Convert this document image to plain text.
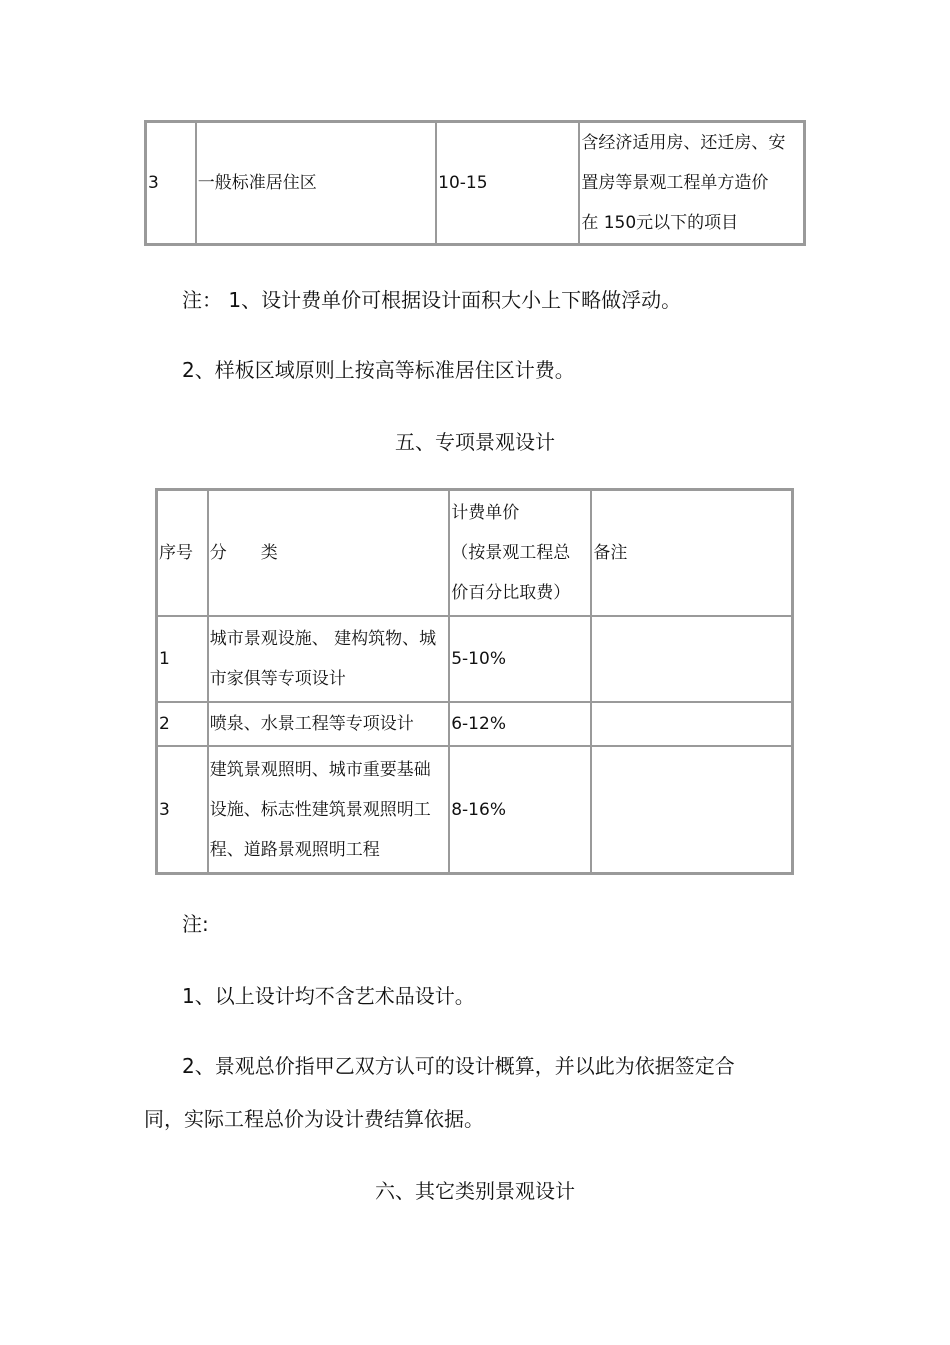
3	一般标准居住区	10-15	
含经济适用房、还迁房、安
置房等景观工程单方造价
在 150元以下的项目
注： 1、设计费单价可根据设计面积大小上下略做浮动。
2、样板区域原则上按高等标准居住区计费。
五、专项景观设计
序号	分　　类	计费单价
（按景观工程总
价百分比取费）	备注
1	城市景观设施、 建构筑物、城
市家俱等专项设计	5-10%	
2	喷泉、水景工程等专项设计	6-12%	
3	建筑景观照明、城市重要基础
设施、标志性建筑景观照明工
程、道路景观照明工程	8-16%	
注:
1、以上设计均不含艺术品设计。
2、景观总价指甲乙双方认可的设计概算，并以此为依据签定合
同，实际工程总价为设计费结算依据。
六、其它类别景观设计
